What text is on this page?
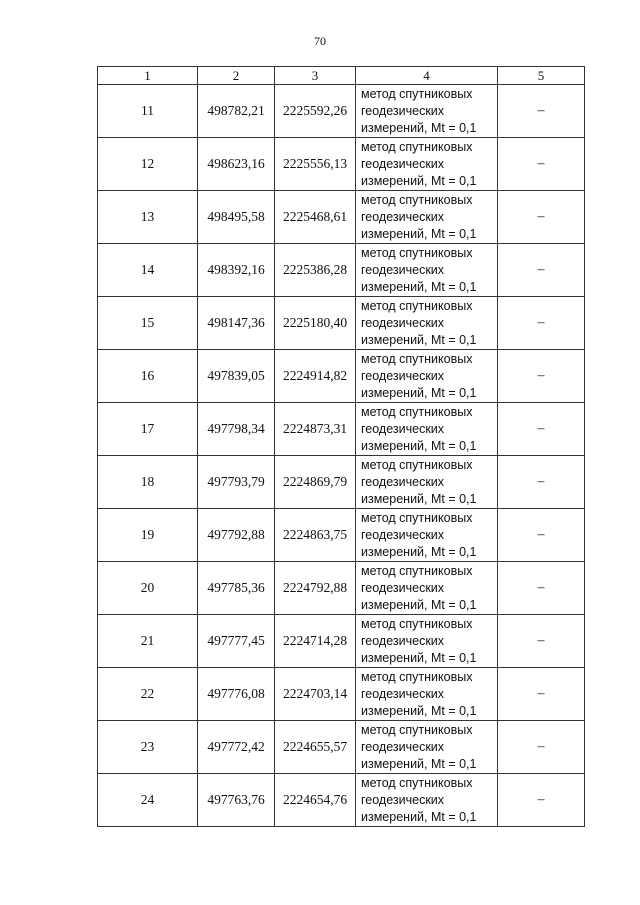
70
1	2	3	4	5
11	498782,21	2225592,26	метод спутниковых
геодезических
измерений, Mt = 0,1	–
12	498623,16	2225556,13	метод спутниковых
геодезических
измерений, Mt = 0,1	–
13	498495,58	2225468,61	метод спутниковых
геодезических
измерений, Mt = 0,1	–
14	498392,16	2225386,28	метод спутниковых
геодезических
измерений, Mt = 0,1	–
15	498147,36	2225180,40	метод спутниковых
геодезических
измерений, Mt = 0,1	–
16	497839,05	2224914,82	метод спутниковых
геодезических
измерений, Mt = 0,1	–
17	497798,34	2224873,31	метод спутниковых
геодезических
измерений, Mt = 0,1	–
18	497793,79	2224869,79	метод спутниковых
геодезических
измерений, Mt = 0,1	–
19	497792,88	2224863,75	метод спутниковых
геодезических
измерений, Mt = 0,1	–
20	497785,36	2224792,88	метод спутниковых
геодезических
измерений, Mt = 0,1	–
21	497777,45	2224714,28	метод спутниковых
геодезических
измерений, Mt = 0,1	–
22	497776,08	2224703,14	метод спутниковых
геодезических
измерений, Mt = 0,1	–
23	497772,42	2224655,57	метод спутниковых
геодезических
измерений, Mt = 0,1	–
24	497763,76	2224654,76	метод спутниковых
геодезических
измерений, Mt = 0,1	–
